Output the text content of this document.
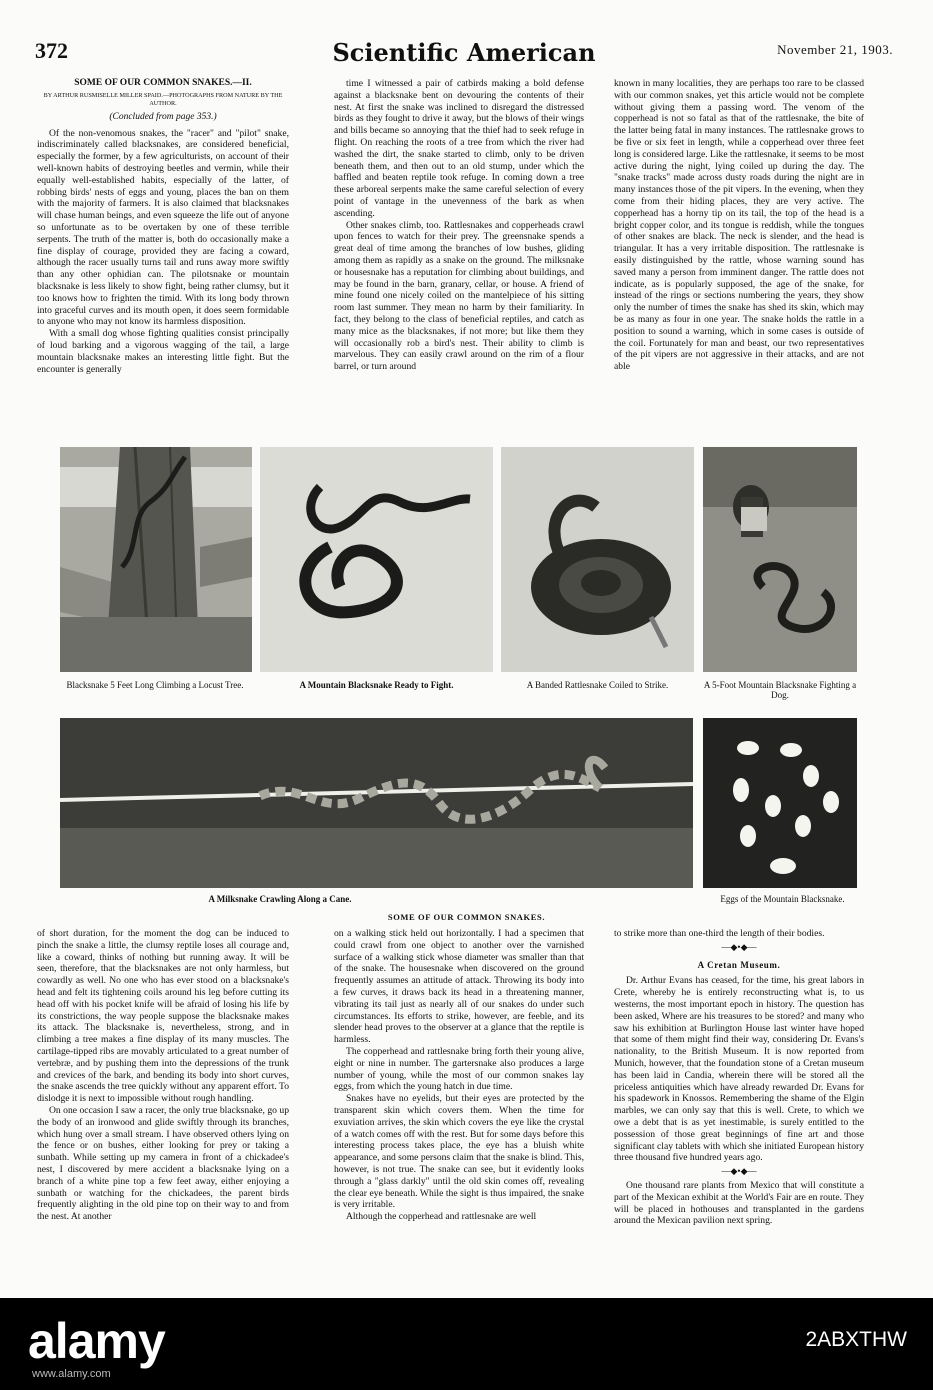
372	Scientific American	November 21, 1903.
SOME OF OUR COMMON SNAKES.—II.
BY ARTHUR RUSMISELLE MILLER SPAID.—PHOTOGRAPHS FROM NATURE BY THE AUTHOR.
(Concluded from page 353.)

Of the non-venomous snakes, the "racer" and "pilot" snake, indiscriminately called blacksnakes, are considered beneficial, especially the former, by a few agriculturists, on account of their well-known habits of destroying beetles and vermin, while their equally well-established habits, especially of the latter, of robbing birds' nests of eggs and young, places the ban on them with the majority of farmers. It is also claimed that blacksnakes will chase human beings, and even squeeze the life out of anyone so unfortunate as to be overtaken by one of these terrible serpents. The truth of the matter is, both do occasionally make a fine display of courage, provided they are facing a coward, although the racer usually turns tail and runs away more swiftly than any other ophidian can. The pilotsnake or mountain blacksnake is less likely to show fight, being rather clumsy, but it too knows how to frighten the timid. With its long body thrown into graceful curves and its mouth open, it does seem formidable to anyone who may not know its harmless disposition.

With a small dog whose fighting qualities consist principally of loud barking and a vigorous wagging of the tail, a large mountain blacksnake makes an interesting little fight. But the encounter is generally

time I witnessed a pair of catbirds making a bold defense against a blacksnake bent on devouring the contents of their nest. At first the snake was inclined to disregard the distressed birds as they fought to drive it away, but the blows of their wings and bills became so annoying that the thief had to seek refuge in flight. On reaching the roots of a tree from which the river had washed the dirt, the snake started to climb, only to be driven beneath them, and then out to an old stump, under which the baffled and beaten reptile took refuge. In coming down a tree these arboreal serpents make the same careful selection of every point of vantage in the unevenness of the bark as when ascending.

Other snakes climb, too. Rattlesnakes and copperheads crawl upon fences to watch for their prey. The greensnake spends a great deal of time among the branches of low bushes, gliding among them as rapidly as a snake on the ground. The milksnake or housesnake has a reputation for climbing about buildings, and may be found in the barn, granary, cellar, or house. A friend of mine found one nicely coiled on the mantelpiece of his sitting room last summer. They mean no harm by their familiarity. In fact, they belong to the class of beneficial reptiles, and catch as many mice as the blacksnakes, if not more; but like them they will occasionally rob a bird's nest. Their ability to climb is marvelous. They can easily crawl around on the rim of a flour barrel, or turn around

known in many localities, they are perhaps too rare to be classed with our common snakes, yet this article would not be complete without giving them a passing word. The venom of the copperhead is not so fatal as that of the rattlesnake, the bite of the latter being fatal in many instances. The rattlesnake grows to be five or six feet in length, while a copperhead over three feet long is considered large. Like the rattlesnake, it seems to be most active during the night, lying coiled up during the day. The "snake tracks" made across dusty roads during the night are in many instances those of the pit vipers. In the evening, when they come from their hiding places, they are very active. The copperhead has a horny tip on its tail, the top of the head is a bright copper color, and its tongue is reddish, while the tongues of other snakes are black. The neck is slender, and the head is triangular. It has a very irritable disposition. The rattlesnake is easily distinguished by the rattle, whose warning sound has saved many a person from imminent danger. The rattle does not indicate, as is popularly supposed, the age of the snake, for instead of the rings or sections numbering the years, they show only the number of times the snake has shed its skin, which may be as many as four in one year. The snake holds the rattle in a position to sound a warning, which in some cases is outside of the coil. Fortunately for man and beast, our two representatives of the pit vipers are not aggressive in their attacks, and are not able

Blacksnake 5 Feet Long Climbing a Locust Tree.	A Mountain Blacksnake Ready to Fight.	A Banded Rattlesnake Coiled to Strike.	A 5-Foot Mountain Blacksnake Fighting a Dog.
A Milksnake Crawling Along a Cane.	Eggs of the Mountain Blacksnake.
SOME OF OUR COMMON SNAKES.

of short duration, for the moment the dog can be induced to pinch the snake a little, the clumsy reptile loses all courage and, like a coward, thinks of nothing but running away. It will be seen, therefore, that the blacksnakes are not only harmless, but cowardly as well. No one who has ever stood on a blacksnake's head and felt its tightening coils around his leg before cutting its head off with his pocket knife will be afraid of losing his life by its constrictions, the way people suppose the blacksnake makes its attack. The blacksnake is, nevertheless, strong, and in climbing a tree makes a fine display of its many muscles. The cartilage-tipped ribs are movably articulated to a great number of vertebræ, and by pushing them into the depressions of the trunk and crevices of the bark, and bending its body into short curves, the snake ascends the tree quickly without any apparent effort. To dislodge it is next to impossible without rough handling.

On one occasion I saw a racer, the only true blacksnake, go up the body of an ironwood and glide swiftly through its branches, which hung over a small stream. I have observed others lying on the fence or on bushes, either looking for prey or taking a sunbath. While setting up my camera in front of a chickadee's nest, I discovered by mere accident a blacksnake lying on a branch of a white pine top a few feet away, either enjoying a sunbath or watching for the chickadees, the parent birds frequently alighting in the old pine top on their way to and from the nest. At another

on a walking stick held out horizontally. I had a specimen that could crawl from one object to another over the varnished surface of a walking stick whose diameter was smaller than that of the snake. The housesnake when discovered on the ground frequently assumes an attitude of attack. Throwing its body into a few curves, it draws back its head in a threatening manner, vibrating its tail just as nearly all of our snakes do under such circumstances. Its efforts to strike, however, are feeble, and its slender head proves to the observer at a glance that the reptile is harmless.

The copperhead and rattlesnake bring forth their young alive, eight or nine in number. The gartersnake also produces a large number of young, while the most of our common snakes lay eggs, from which the young hatch in due time.

Snakes have no eyelids, but their eyes are protected by the transparent skin which covers them. When the time for exuviation arrives, the skin which covers the eye like the crystal of a watch comes off with the rest. But for some days before this interesting process takes place, the eye has a bluish white appearance, and some persons claim that the snake is blind. This, however, is not true. The snake can see, but it evidently looks through a "glass darkly" until the old skin comes off, revealing the clear eye beneath. While the sight is thus impaired, the snake is very irritable.

Although the copperhead and rattlesnake are well

to strike more than one-third the length of their bodies.

—◆•◆—
A Cretan Museum.

Dr. Arthur Evans has ceased, for the time, his great labors in Crete, whereby he is entirely reconstructing what is, to us westerns, the most important epoch in history. The question has been asked, Where are his treasures to be stored? and many who saw his exhibition at Burlington House last winter have hoped that some of them might find their way, considering Dr. Evans's nationality, to the British Museum. It is now reported from Munich, however, that the foundation stone of a Cretan museum has been laid in Candia, wherein there will be stored all the priceless antiquities which have already rewarded Dr. Evans for his spadework in Knossos. Remembering the shame of the Elgin marbles, we can only say that this is well. Crete, to which we owe a debt that is as yet inestimable, is surely entitled to the possession of those great beginnings of fine art and those significant clay tablets with which she initiated European history three thousand five hundred years ago.

—◆•◆—

One thousand rare plants from Mexico that will constitute a part of the Mexican exhibit at the World's Fair are en route. They will be placed in hothouses and transplanted in the gardens around the Mexican pavilion next spring.

alamy	2ABXTHW
www.alamy.com
